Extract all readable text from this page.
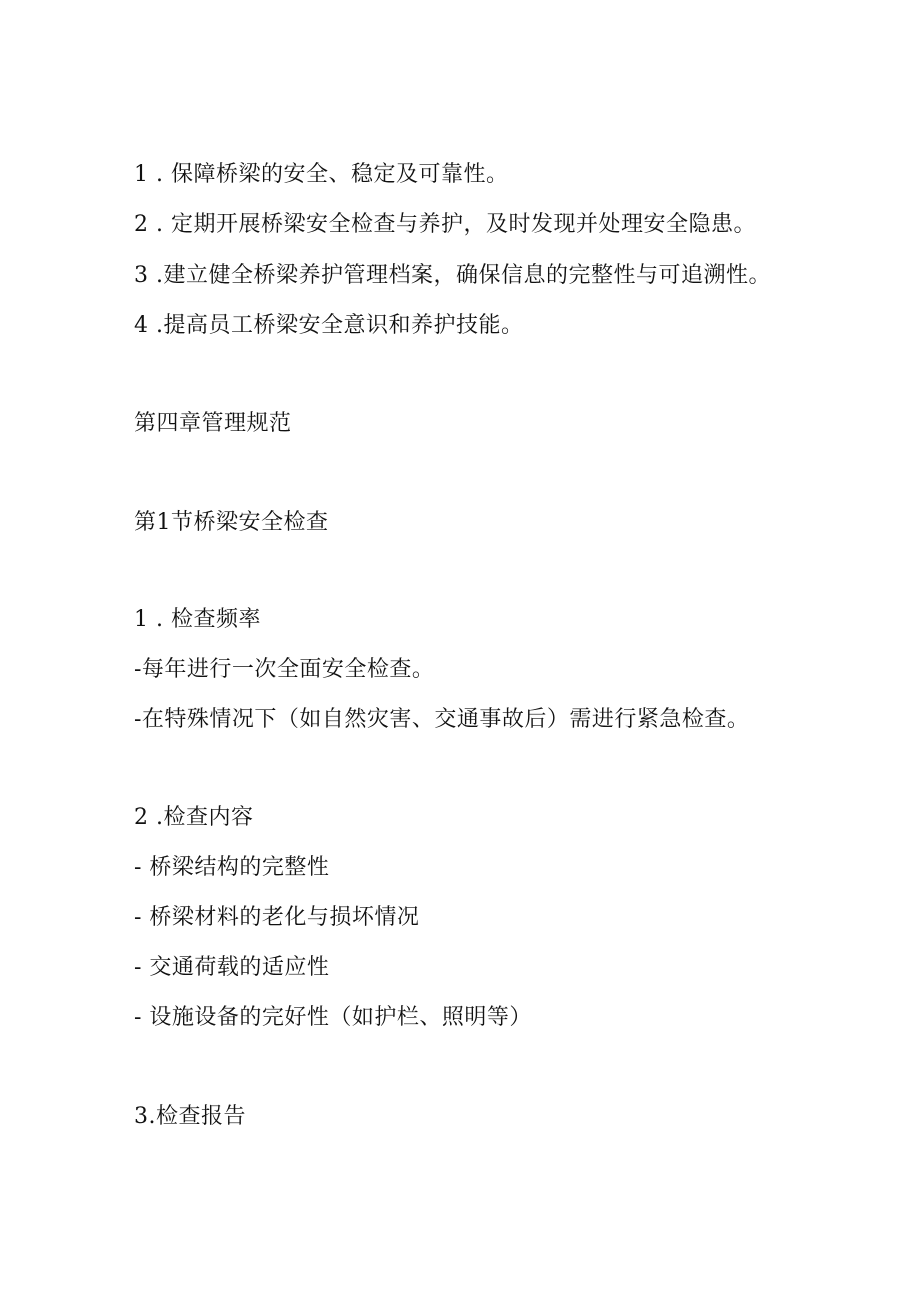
1 . 保障桥梁的安全、稳定及可靠性。
2 . 定期开展桥梁安全检查与养护，及时发现并处理安全隐患。
3 .建立健全桥梁养护管理档案，确保信息的完整性与可追溯性。
4 .提高员工桥梁安全意识和养护技能。
第四章管理规范
第1节桥梁安全检查
1 . 检查频率
-每年进行一次全面安全检查。
-在特殊情况下（如自然灾害、交通事故后）需进行紧急检查。
2 .检查内容
- 桥梁结构的完整性
- 桥梁材料的老化与损坏情况
- 交通荷载的适应性
- 设施设备的完好性（如护栏、照明等）
3.检查报告
